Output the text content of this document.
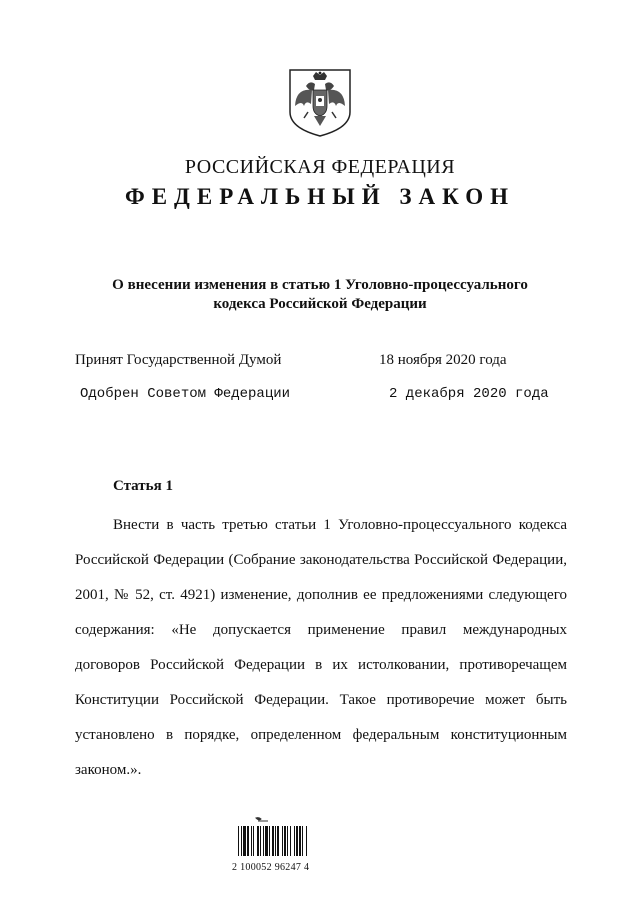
РОССИЙСКАЯ ФЕДЕРАЦИЯ
ФЕДЕРАЛЬНЫЙ ЗАКОН
О внесении изменения в статью 1 Уголовно-процессуального
кодекса Российской Федерации
Принят Государственной Думой	18 ноября 2020 года
Одобрен Советом Федерации	2 декабря 2020 года
Статья 1
Внести в часть третью статьи 1 Уголовно-процессуального кодекса Российской Федерации (Собрание законодательства Российской Федерации, 2001, № 52, ст. 4921) изменение, дополнив ее предложениями следующего содержания: «Не допускается применение правил международных договоров Российской Федерации в их истолковании, противоречащем Конституции Российской Федерации. Такое противоречие может быть установлено в порядке, определенном федеральным конституционным законом.».
2 100052 96247 4
